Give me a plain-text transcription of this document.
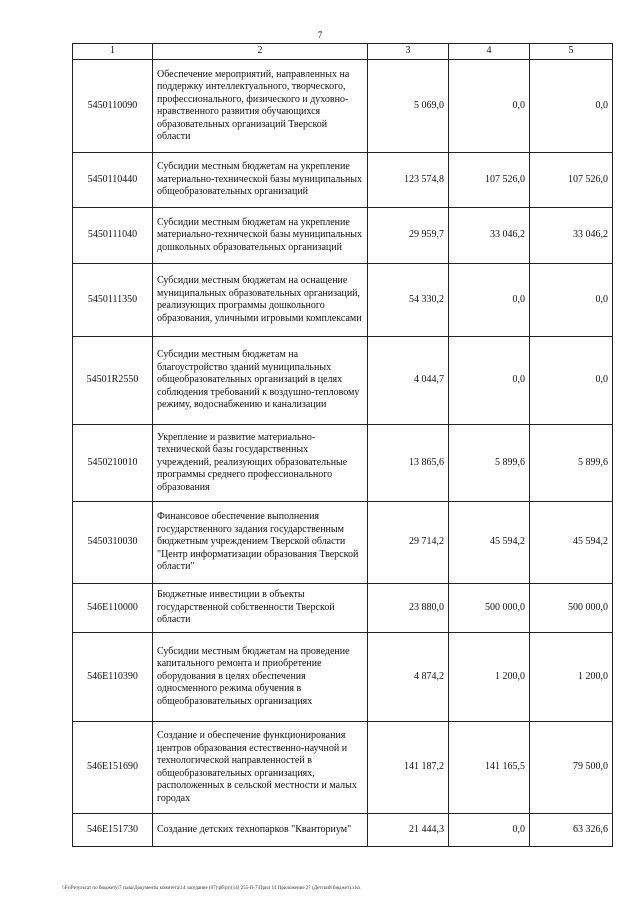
7
1	2	3	4	5
5450110090	Обеспечение мероприятий, направленных на поддержку интеллектуального, творческого, профессионального, физического и духовно-нравственного развития обучающихся образовательных организаций Тверской области	5 069,0	0,0	0,0
5450110440	Субсидии местным бюджетам на укрепление материально-технической базы муниципальных общеобразовательных организаций	123 574,8	107 526,0	107 526,0
5450111040	Субсидии местным бюджетам на укрепление материально-технической базы муниципальных дошкольных образовательных организаций	29 959,7	33 046,2	33 046,2
5450111350	Субсидии местным бюджетам на оснащение муниципальных образовательных организаций, реализующих программы дошкольного образования, уличными игровыми комплексами	54 330,2	0,0	0,0
54501R2550	Субсидии местным бюджетам на благоустройство зданий муниципальных общеобразовательных организаций в целях соблюдения требований к воздушно-тепловому режиму, водоснабжению и канализации	4 044,7	0,0	0,0
5450210010	Укрепление и развитие материально-технической базы государственных учреждений, реализующих образовательные программы среднего профессионального образования	13 865,6	5 899,6	5 899,6
5450310030	Финансовое обеспечение выполнения государственного задания государственным бюджетным учреждением Тверской области "Центр информатизации образования Тверской области"	29 714,2	45 594,2	45 594,2
546E110000	Бюджетные инвестиции в объекты государственной собственности Тверской области	23 880,0	500 000,0	500 000,0
546E110390	Субсидии местным бюджетам на проведение капитального ремонта и приобретение оборудования в целях обеспечения односменного режима обучения в общеобразовательных организациях	4 874,2	1 200,0	1 200,0
546E151690	Создание и обеспечение функционирования центров образования естественно-научной и технологической направленностей в общеобразовательных организациях, расположенных в сельской местности и малых городах	141 187,2	141 165,5	79 500,0
546E151730	Создание детских технопарков "Кванториум"	21 444,3	0,0	63 326,6
\\Fs\Результат по бюджету\7 сыва\Документы комитета\14 заседание (07)\рб\рг\(14) 255-П-7\Прил 14 Приложение 27 (Детский бюджет).xlsx
